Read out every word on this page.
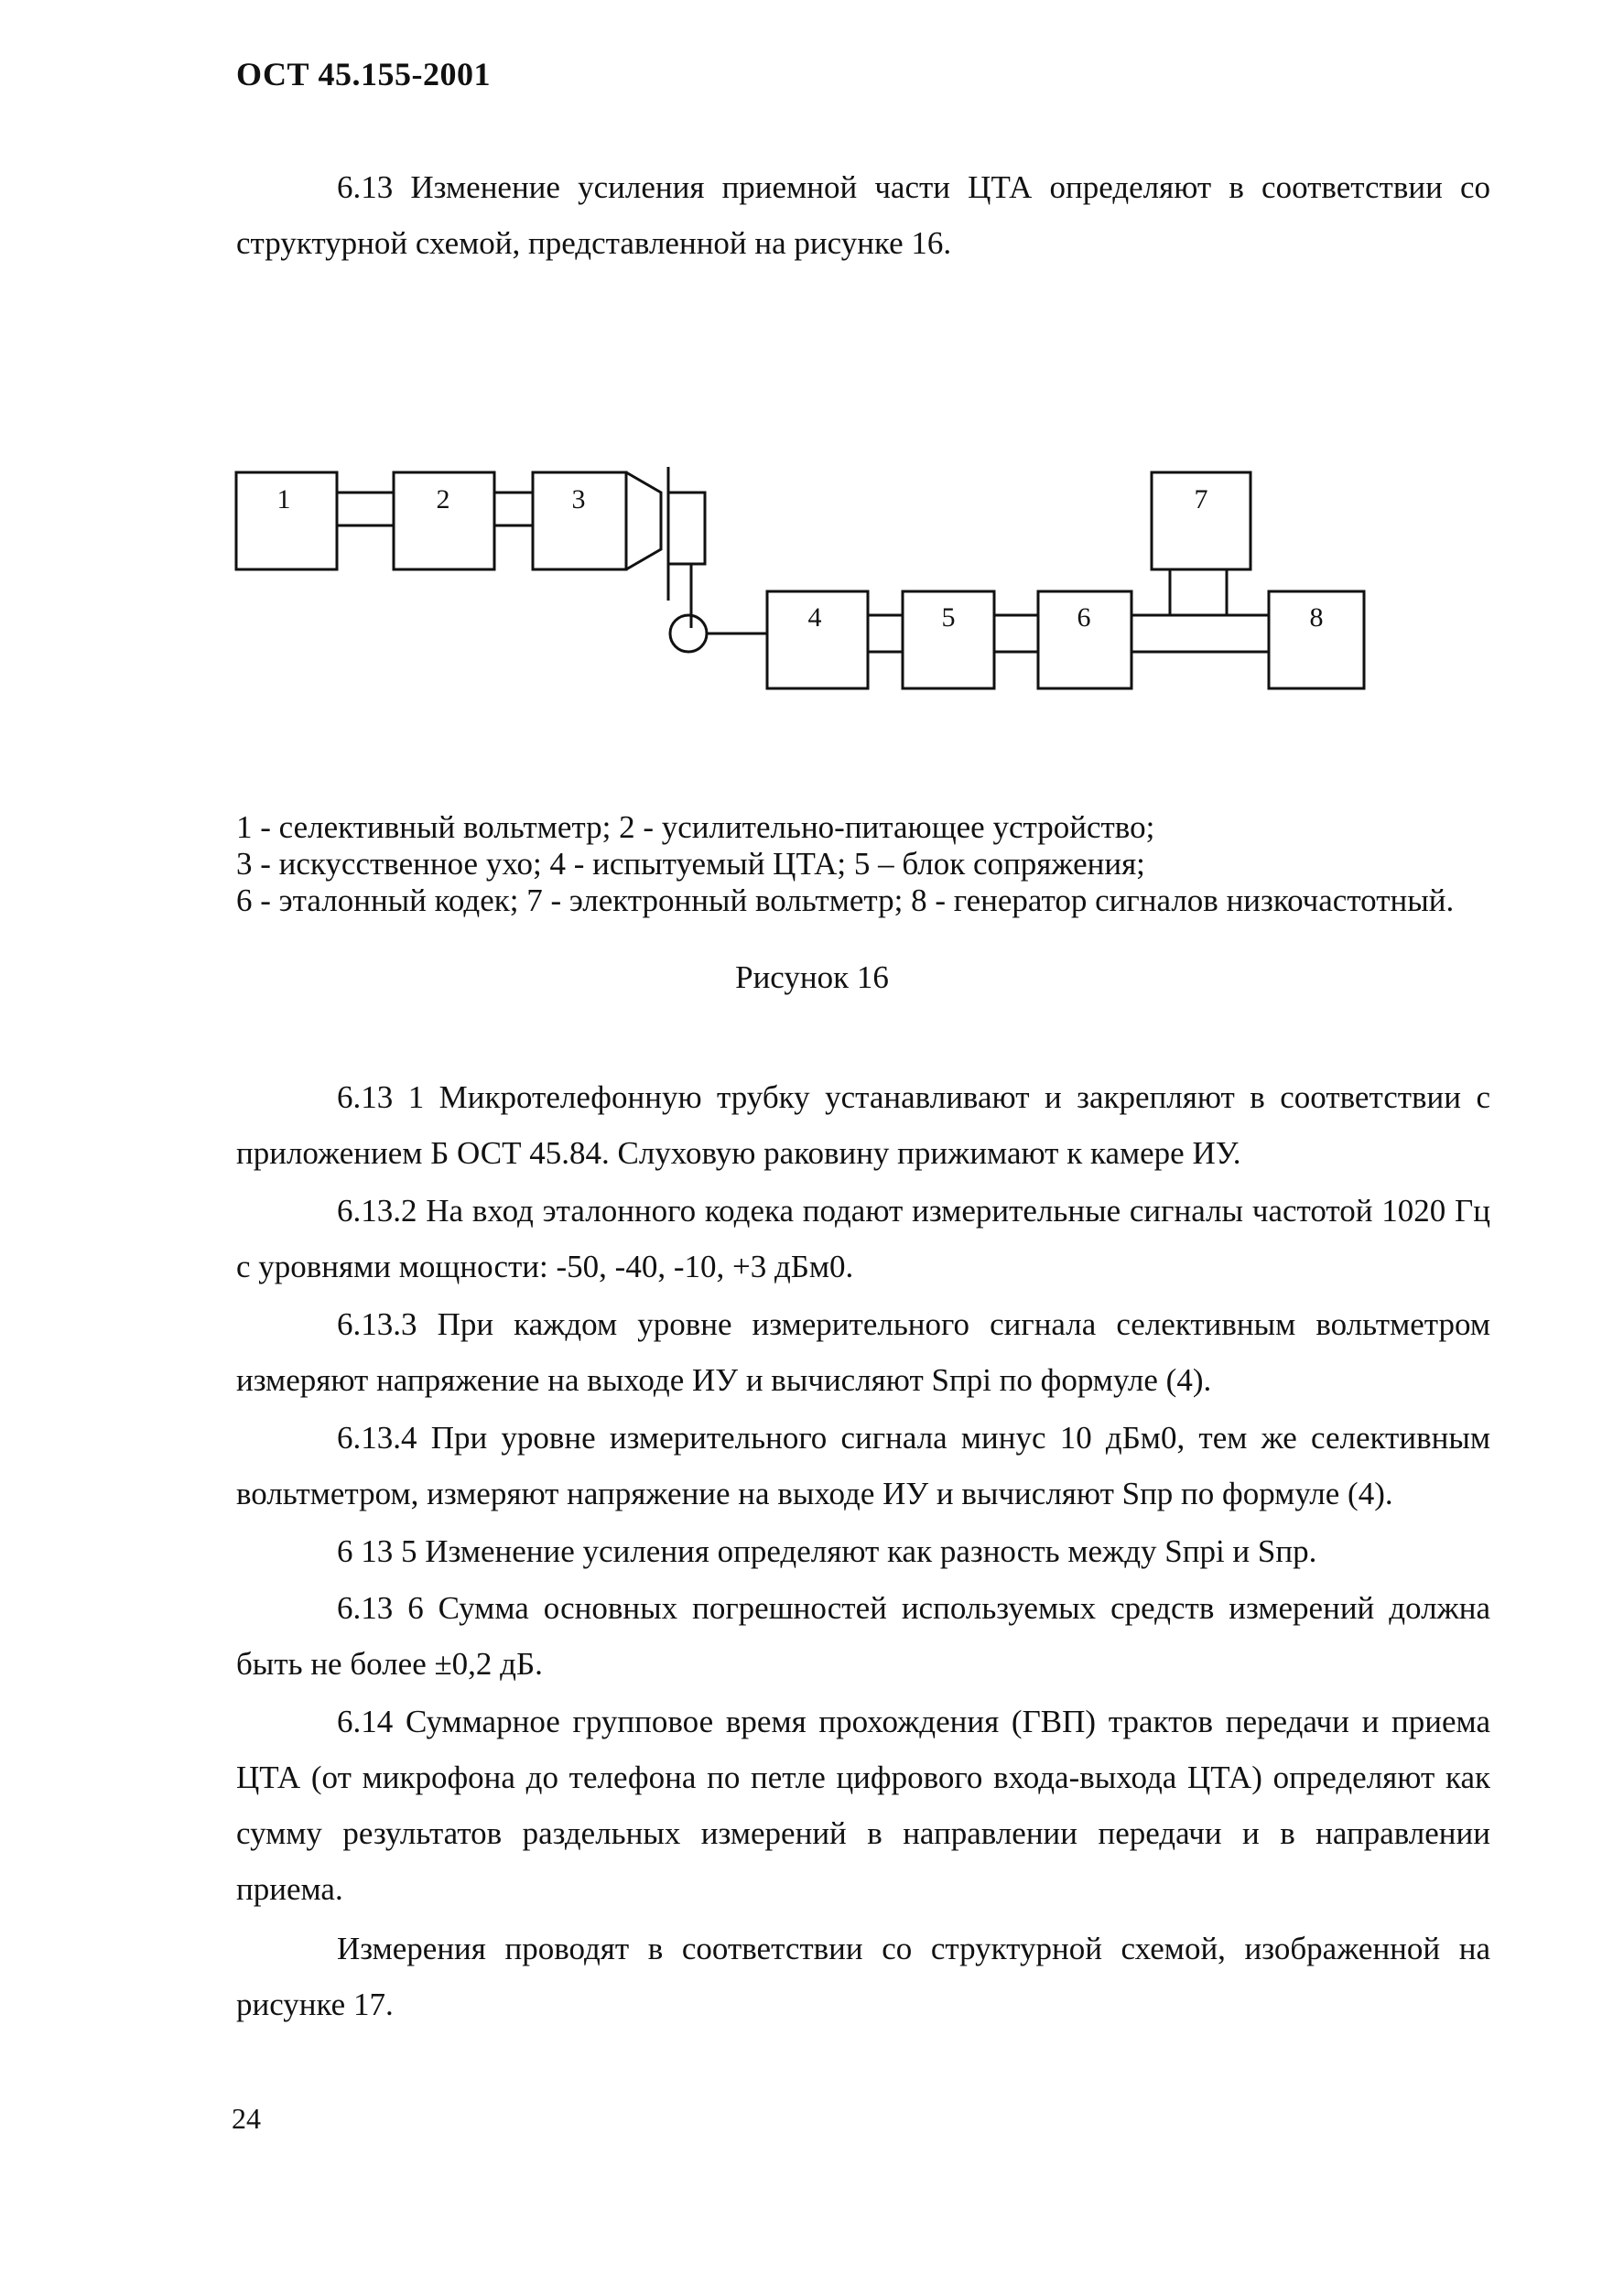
ОСТ 45.155-2001

6.13 Изменение усиления приемной части ЦТА определяют в соответствии со структурной схемой, представленной на рисунке 16.

1	2	3
4	5	6
7
8
1 - селективный вольтметр; 2 - усилительно-питающее устройство;
3 - искусственное ухо; 4 - испытуемый ЦТА; 5 – блок сопряжения;
6 - эталонный кодек; 7 - электронный вольтметр; 8 - генератор сигналов низкочастотный.
Рисунок 16

6.13 1 Микротелефонную трубку устанавливают и закрепляют в соответствии с приложением Б ОСТ 45.84. Слуховую раковину прижимают к камере ИУ.

6.13.2 На вход эталонного кодека подают измерительные сигналы частотой 1020 Гц с уровнями мощности: -50, -40, -10, +3 дБм0.

6.13.3 При каждом уровне измерительного сигнала селективным вольтметром измеряют напряжение на выходе ИУ и вычисляют Sпрi по формуле (4).

6.13.4 При уровне измерительного сигнала минус 10 дБм0, тем же селективным вольтметром, измеряют напряжение на выходе ИУ и вычисляют Sпр по формуле (4).

6 13 5 Изменение усиления определяют как разность между Sпрi и Sпр.

6.13 6 Сумма основных погрешностей используемых средств измерений должна быть не более ±0,2 дБ.

6.14 Суммарное групповое время прохождения (ГВП) трактов передачи и приема ЦТА (от микрофона до телефона по петле цифрового входа-выхода ЦТА) определяют как сумму результатов раздельных измерений в направлении передачи и в направлении приема.

Измерения проводят в соответствии со структурной схемой, изображенной на рисунке 17.

24
